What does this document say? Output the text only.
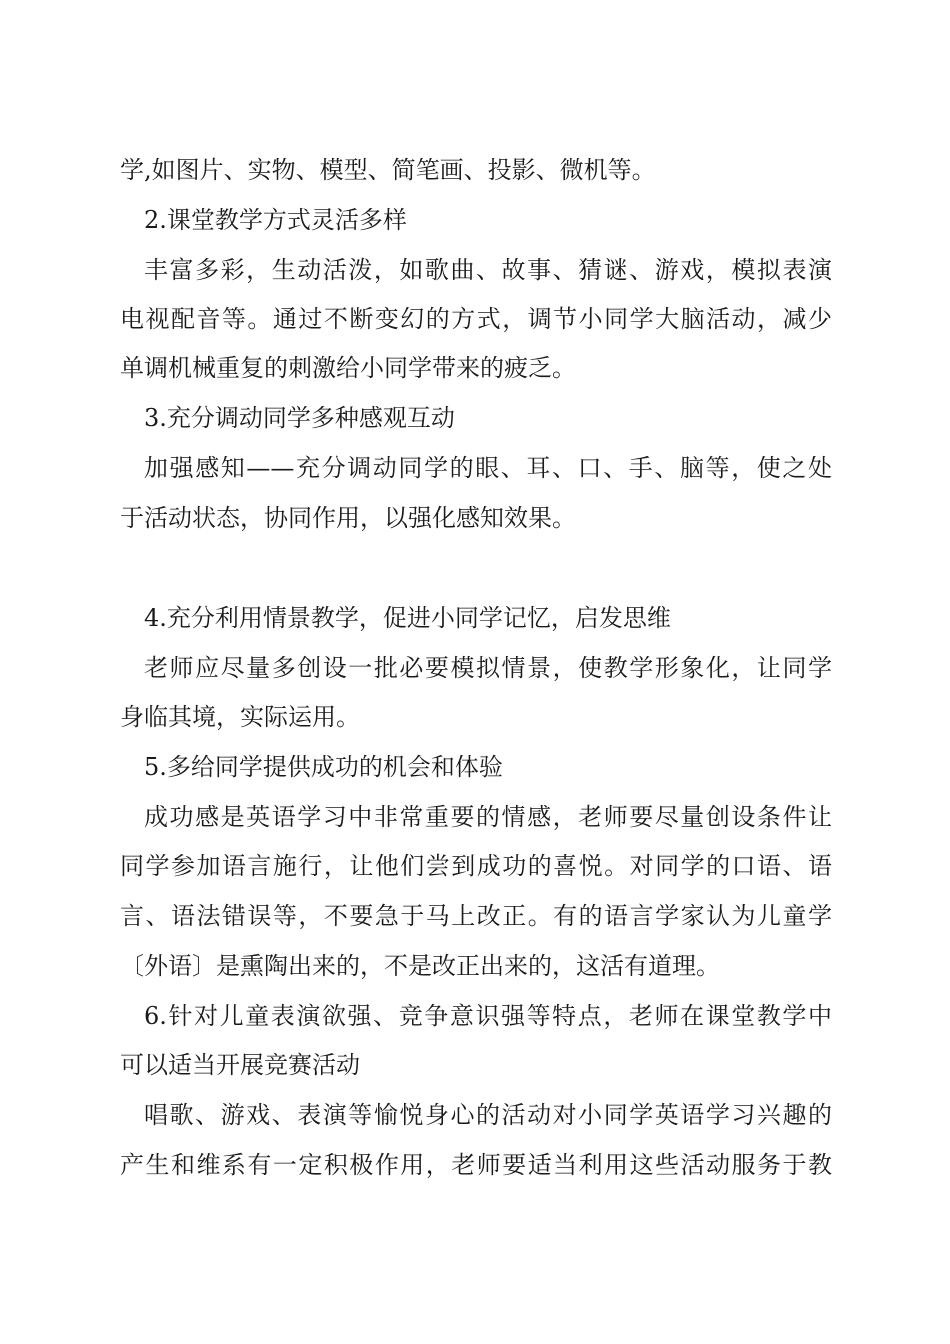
学,如图片、实物、模型、简笔画、投影、微机等。
2.课堂教学方式灵活多样
丰富多彩，生动活泼，如歌曲、故事、猜谜、游戏，模拟表演
电视配音等。通过不断变幻的方式，调节小同学大脑活动，减少
单调机械重复的刺激给小同学带来的疲乏。
3.充分调动同学多种感观互动
加强感知——充分调动同学的眼、耳、口、手、脑等，使之处
于活动状态，协同作用，以强化感知效果。
4.充分利用情景教学，促进小同学记忆，启发思维
老师应尽量多创设一批必要模拟情景，使教学形象化，让同学
身临其境，实际运用。
5.多给同学提供成功的机会和体验
成功感是英语学习中非常重要的情感，老师要尽量创设条件让
同学参加语言施行，让他们尝到成功的喜悦。对同学的口语、语
言、语法错误等，不要急于马上改正。有的语言学家认为儿童学
〔外语〕是熏陶出来的，不是改正出来的，这活有道理。
6.针对儿童表演欲强、竞争意识强等特点，老师在课堂教学中
可以适当开展竞赛活动
唱歌、游戏、表演等愉悦身心的活动对小同学英语学习兴趣的
产生和维系有一定积极作用，老师要适当利用这些活动服务于教
